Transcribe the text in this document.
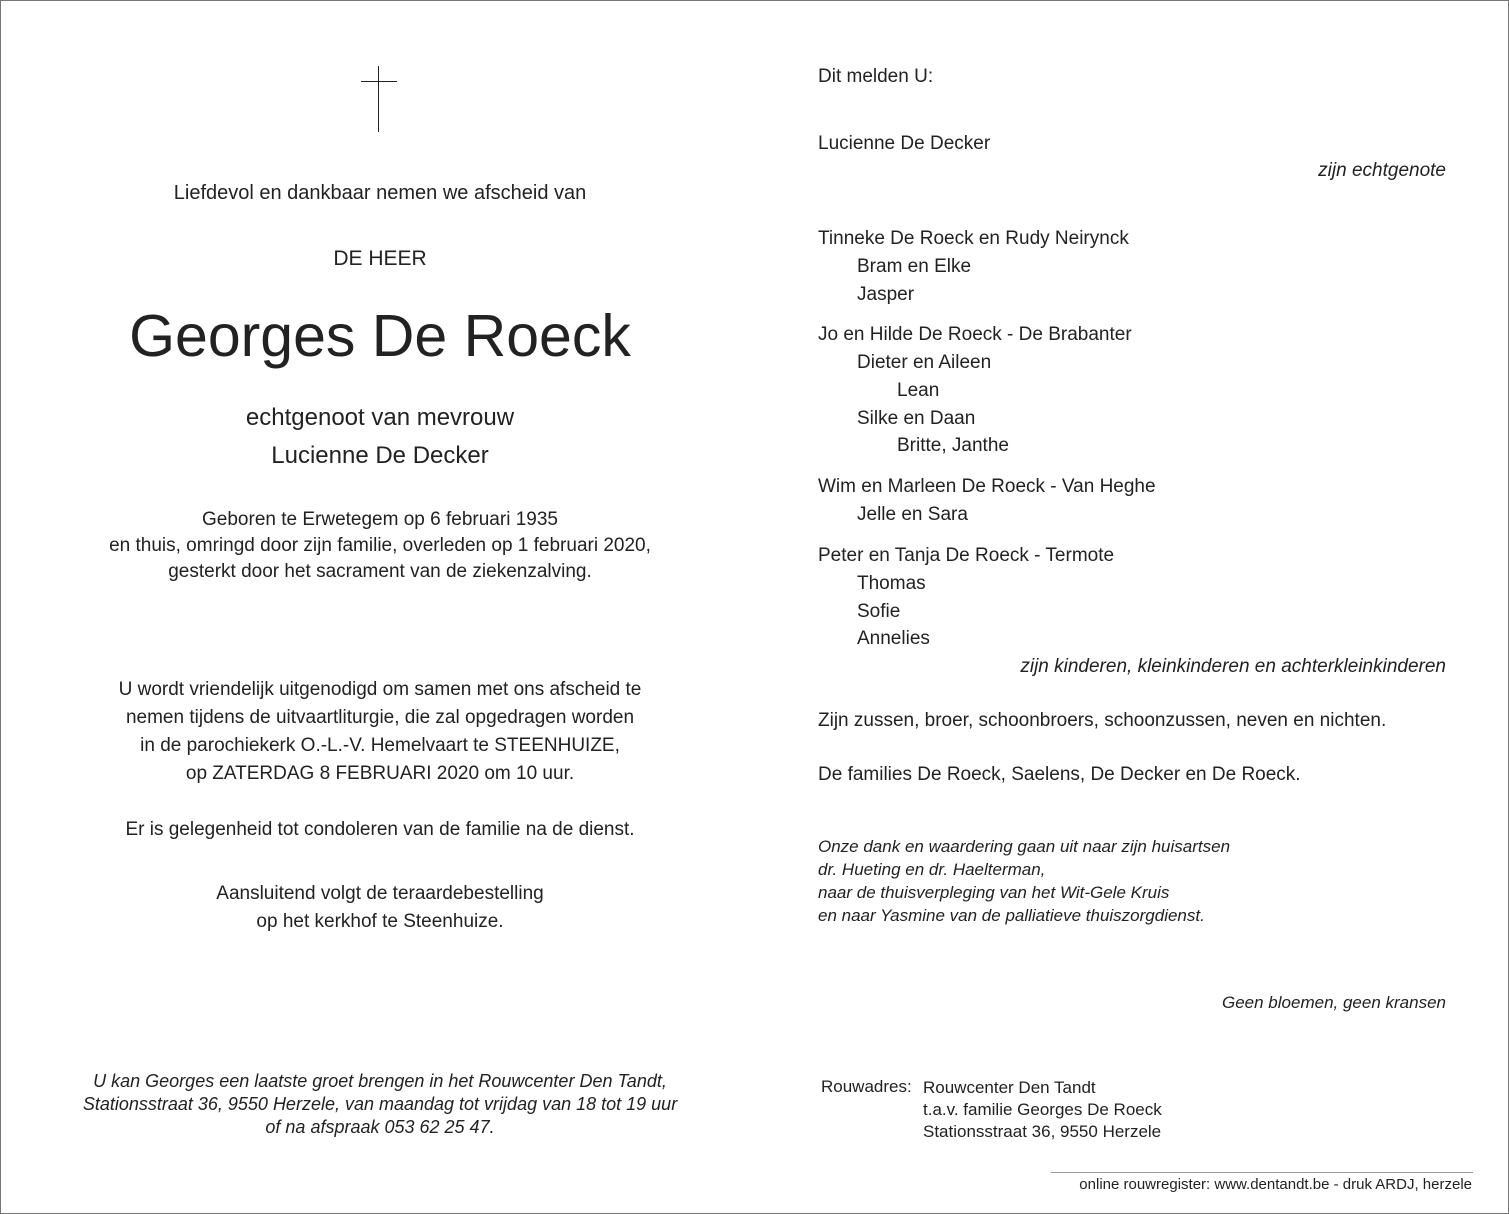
Liefdevol en dankbaar nemen we afscheid van
DE HEER
Georges De Roeck
echtgenoot van mevrouw
Lucienne De Decker
Geboren te Erwetegem op 6 februari 1935
en thuis, omringd door zijn familie, overleden op 1 februari 2020,
gesterkt door het sacrament van de ziekenzalving.
U wordt vriendelijk uitgenodigd om samen met ons afscheid te
nemen tijdens de uitvaartliturgie, die zal opgedragen worden
in de parochiekerk O.-L.-V. Hemelvaart te STEENHUIZE,
op ZATERDAG 8 FEBRUARI 2020 om 10 uur.
Er is gelegenheid tot condoleren van de familie na de dienst.
Aansluitend volgt de teraardebestelling
op het kerkhof te Steenhuize.
U kan Georges een laatste groet brengen in het Rouwcenter Den Tandt,
Stationsstraat 36, 9550 Herzele, van maandag tot vrijdag van 18 tot 19 uur
of na afspraak 053 62 25 47.
Dit melden U:
Lucienne De Decker
zijn echtgenote
Tinneke De Roeck en Rudy Neirynck
Bram en Elke
Jasper
Jo en Hilde De Roeck - De Brabanter
Dieter en Aileen
Lean
Silke en Daan
Britte, Janthe
Wim en Marleen De Roeck - Van Heghe
Jelle en Sara
Peter en Tanja De Roeck - Termote
Thomas
Sofie
Annelies
zijn kinderen, kleinkinderen en achterkleinkinderen
Zijn zussen, broer, schoonbroers, schoonzussen, neven en nichten.
De families De Roeck, Saelens, De Decker en De Roeck.
Onze dank en waardering gaan uit naar zijn huisartsen
dr. Hueting en dr. Haelterman,
naar de thuisverpleging van het Wit-Gele Kruis
en naar Yasmine van de palliatieve thuiszorgdienst.
Geen bloemen, geen kransen
Rouwadres: Rouwcenter Den Tandt
t.a.v. familie Georges De Roeck
Stationsstraat 36, 9550 Herzele
online rouwregister: www.dentandt.be - druk ARDJ, herzele
